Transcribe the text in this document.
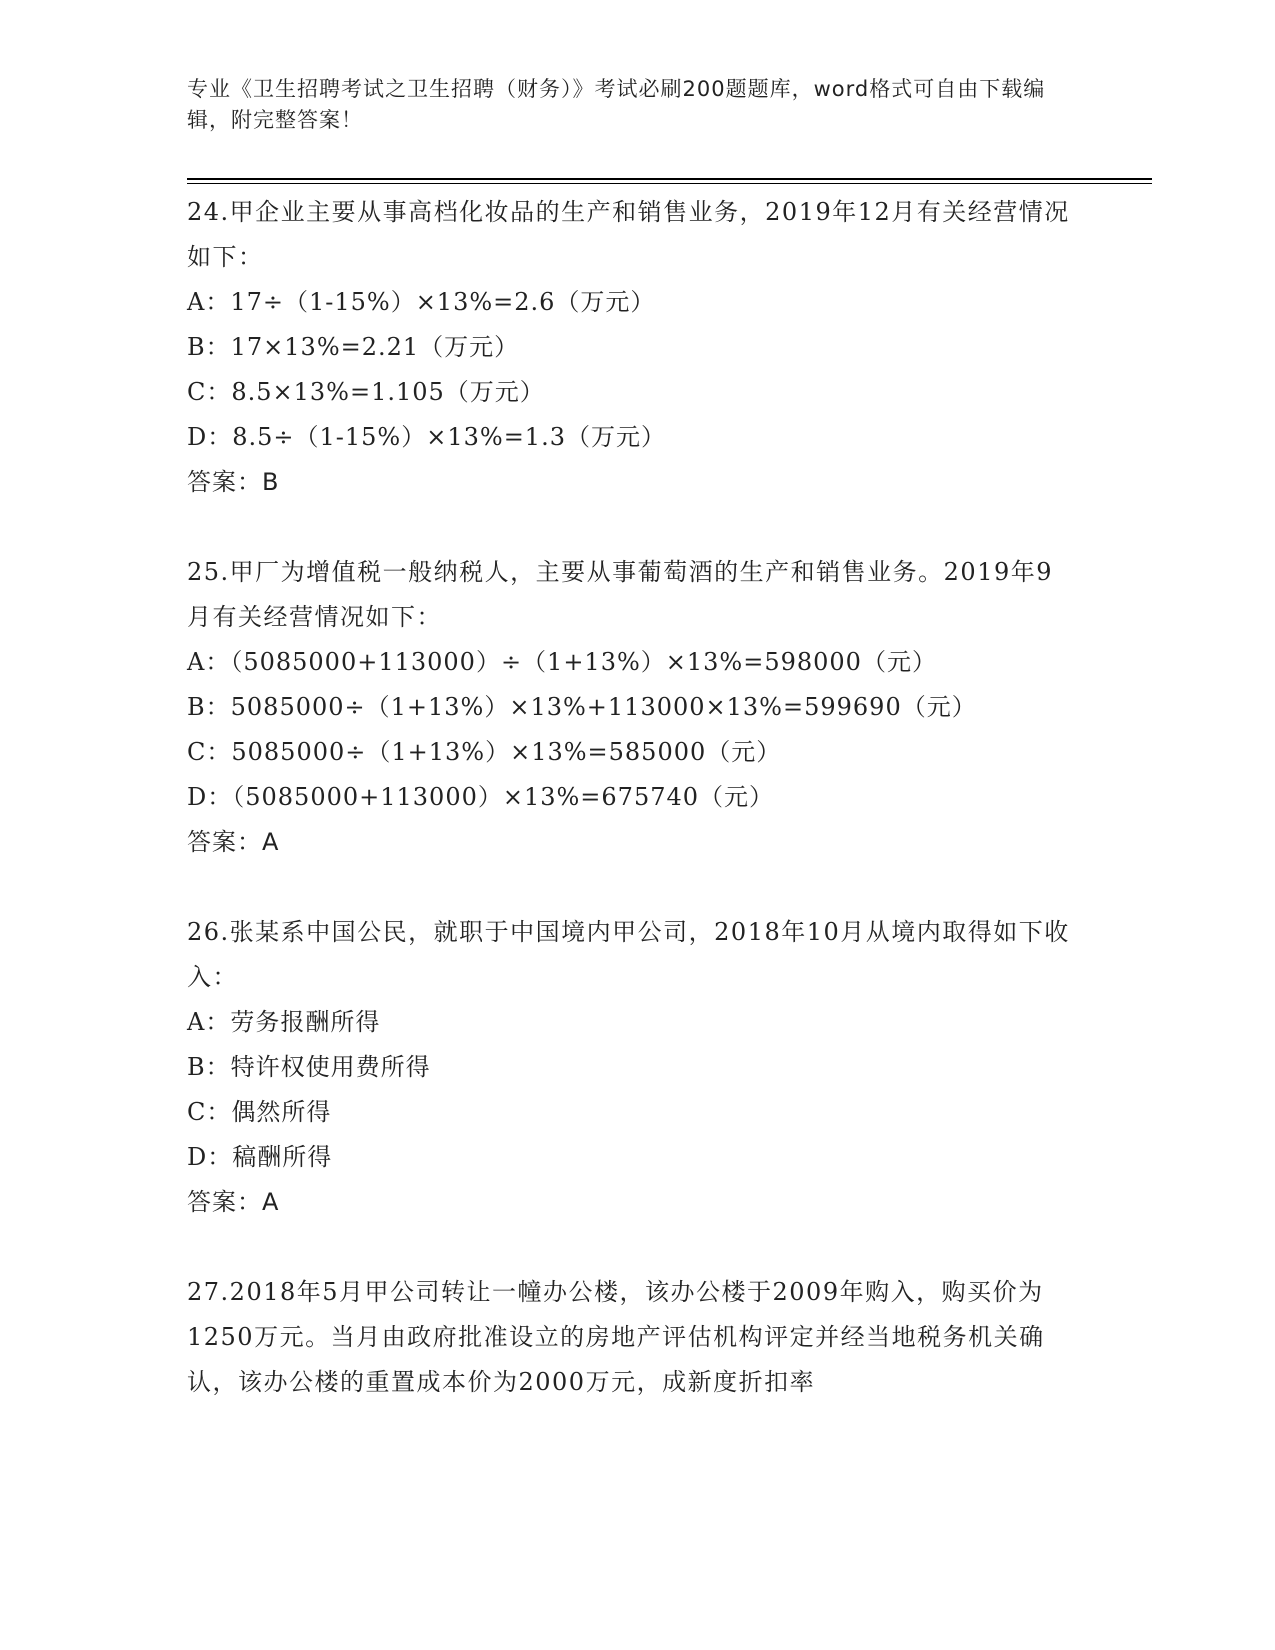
专业《卫生招聘考试之卫生招聘（财务）》考试必刷200题题库，word格式可自由下载编辑，附完整答案！

24.甲企业主要从事高档化妆品的生产和销售业务，2019年12月有关经营情况如下：

A：17÷（1-15%）×13%=2.6（万元）

B：17×13%=2.21（万元）

C：8.5×13%=1.105（万元）

D：8.5÷（1-15%）×13%=1.3（万元）

答案：B

25.甲厂为增值税一般纳税人，主要从事葡萄酒的生产和销售业务。2019年9月有关经营情况如下：

A：（5085000+113000）÷（1+13%）×13%=598000（元）

B：5085000÷（1+13%）×13%+113000×13%=599690（元）

C：5085000÷（1+13%）×13%=585000（元）

D：（5085000+113000）×13%=675740（元）

答案：A

26.张某系中国公民，就职于中国境内甲公司，2018年10月从境内取得如下收入：

A：劳务报酬所得

B：特许权使用费所得

C：偶然所得

D：稿酬所得

答案：A

27.2018年5月甲公司转让一幢办公楼，该办公楼于2009年购入，购买价为1250万元。当月由政府批准设立的房地产评估机构评定并经当地税务机关确认，该办公楼的重置成本价为2000万元，成新度折扣率
